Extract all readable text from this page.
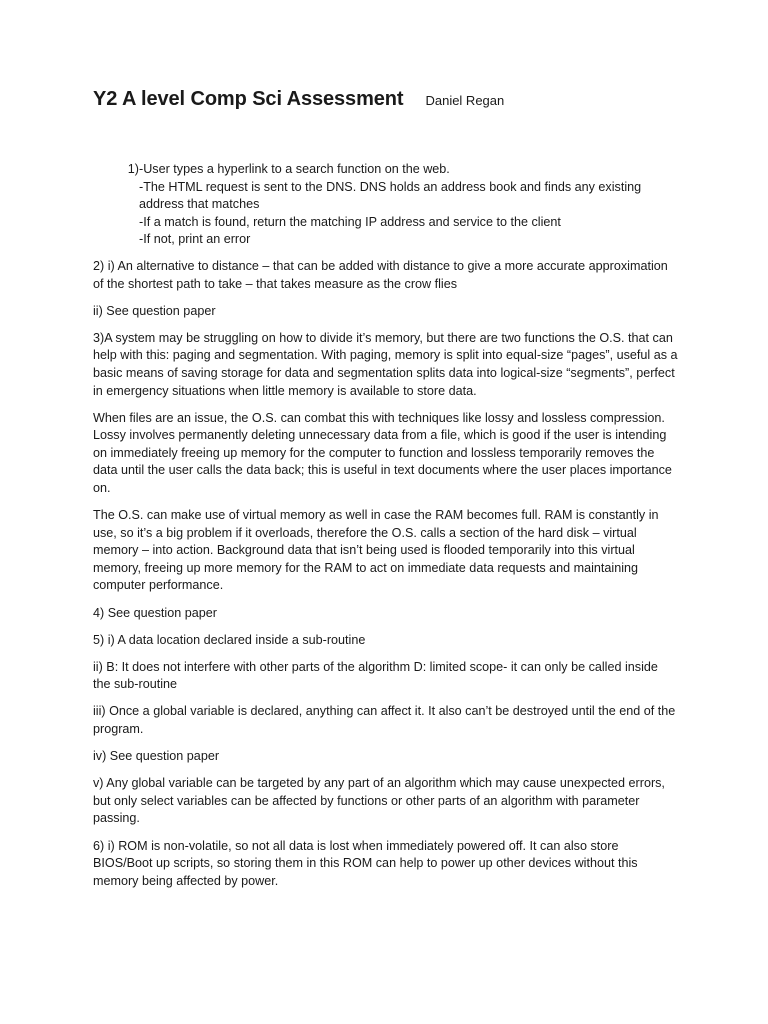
Y2 A level Comp Sci Assessment Daniel Regan
1) -User types a hyperlink to a search function on the web.
-The HTML request is sent to the DNS. DNS holds an address book and finds any existing address that matches
-If a match is found, return the matching IP address and service to the client
-If not, print an error

2) i) An alternative to distance – that can be added with distance to give a more accurate approximation of the shortest path to take – that takes measure as the crow flies

ii) See question paper

3)A system may be struggling on how to divide it’s memory, but there are two functions the O.S. that can help with this: paging and segmentation. With paging, memory is split into equal-size “pages”, useful as a basic means of saving storage for data and segmentation splits data into logical-size “segments”, perfect in emergency situations when little memory is available to store data.

When files are an issue, the O.S. can combat this with techniques like lossy and lossless compression. Lossy involves permanently deleting unnecessary data from a file, which is good if the user is intending on immediately freeing up memory for the computer to function and lossless temporarily removes the data until the user calls the data back; this is useful in text documents where the user places importance on.

The O.S. can make use of virtual memory as well in case the RAM becomes full. RAM is constantly in use, so it’s a big problem if it overloads, therefore the O.S. calls a section of the hard disk – virtual memory – into action. Background data that isn’t being used is flooded temporarily into this virtual memory, freeing up more memory for the RAM to act on immediate data requests and maintaining computer performance.

4) See question paper

5) i) A data location declared inside a sub-routine

ii) B: It does not interfere with other parts of the algorithm D: limited scope- it can only be called inside the sub-routine

iii) Once a global variable is declared, anything can affect it. It also can’t be destroyed until the end of the program.

iv) See question paper

v) Any global variable can be targeted by any part of an algorithm which may cause unexpected errors, but only select variables can be affected by functions or other parts of an algorithm with parameter passing.

6) i) ROM is non-volatile, so not all data is lost when immediately powered off. It can also store BIOS/Boot up scripts, so storing them in this ROM can help to power up other devices without this memory being affected by power.
